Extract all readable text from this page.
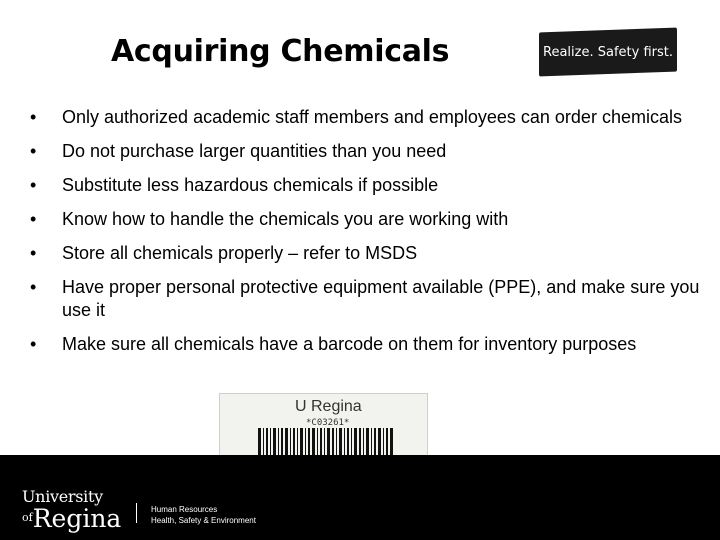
Acquiring Chemicals	Realize. Safety first.
• Only authorized academic staff members and employees can order chemicals
• Do not purchase larger quantities than you need
• Substitute less hazardous chemicals if possible
• Know how to handle the chemicals you are working with
• Store all chemicals properly – refer to MSDS
• Have proper personal protective equipment available (PPE), and make sure you use it
• Make sure all chemicals have a barcode on them for inventory purposes
U Regina
*C03261*
University
$^{of}$Regina	Human Resources
Health, Safety & Environment
